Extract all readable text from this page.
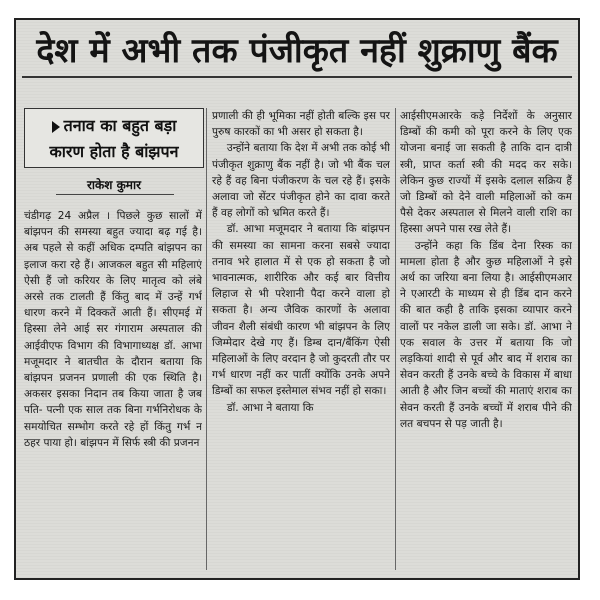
देश में अभी तक पंजीकृत नहीं शुक्राणु बैंक
तनाव का बहुत बड़ा
कारण होता है बांझपन
राकेश कुमार

चंडीगढ़ 24 अप्रैल । पिछले कुछ सालों में बांझपन की समस्या बहुत ज्यादा बढ़ गई है। अब पहले से कहीं अधिक दम्पति बांझपन का इलाज करा रहे हैं। आजकल बहुत सी महिलाएं ऐसी हैं जो करियर के लिए मातृत्व को लंबे अरसे तक टालती हैं किंतु बाद में उन्हें गर्भ धारण करने में दिक्कतें आती हैं। सीएमई में हिस्सा लेने आई सर गंगाराम अस्पताल की आईवीएफ विभाग की विभागाध्यक्ष डॉ. आभा मजूमदार ने बातचीत के दौरान बताया कि बांझपन प्रजनन प्रणाली की एक स्थिति है। अकसर इसका निदान तब किया जाता है जब पति- पत्नी एक साल तक बिना गर्भनिरोधक के समयोचित सम्भोग करते रहे हों किंतु गर्भ न ठहर पाया हो। बांझपन में सिर्फ स्त्री की प्रजनन

प्रणाली की ही भूमिका नहीं होती बल्कि इस पर पुरुष कारकों का भी असर हो सकता है।

उन्होंने बताया कि देश में अभी तक कोई भी पंजीकृत शुक्राणु बैंक नहीं है। जो भी बैंक चल रहे हैं वह बिना पंजीकरण के चल रहे हैं। इसके अलावा जो सेंटर पंजीकृत होने का दावा करते हैं वह लोगों को भ्रमित करते हैं।

डॉ. आभा मजूमदार ने बताया कि बांझपन की समस्या का सामना करना सबसे ज्यादा तनाव भरे हालात में से एक हो सकता है जो भावनात्मक, शारीरिक और कई बार वित्तीय लिहाज से भी परेशानी पैदा करने वाला हो सकता है। अन्य जैविक कारणों के अलावा जीवन शैली संबंधी कारण भी बांझपन के लिए जिम्मेदार देखे गए हैं। डिम्ब दान/बैंकिंग ऐसी महिलाओं के लिए वरदान है जो कुदरती तौर पर गर्भ धारण नहीं कर पातीं क्योंकि उनके अपने डिम्बों का सफल इस्तेमाल संभव नहीं हो सका।

डॉ. आभा ने बताया कि

आईसीएमआरके कड़े निर्देशों के अनुसार डिम्बों की कमी को पूरा करने के लिए एक योजना बनाई जा सकती है ताकि दान दात्री स्त्री, प्राप्त कर्ता स्त्री की मदद कर सके। लेकिन कुछ राज्यों में इसके दलाल सक्रिय हैं जो डिम्बों को देने वाली महिलाओं को कम पैसे देकर अस्पताल से मिलने वाली राशि का हिस्सा अपने पास रख लेते हैं।

उन्होंने कहा कि डिंब देना रिस्क का मामला होता है और कुछ महिलाओं ने इसे अर्थ का जरिया बना लिया है। आईसीएमआर ने एआरटी के माध्यम से ही डिंब दान करने की बात कही है ताकि इसका व्यापार करने वालों पर नकेल डाली जा सके। डॉ. आभा ने एक सवाल के उत्तर में बताया कि जो लड़कियां शादी से पूर्व और बाद में शराब का सेवन करती हैं उनके बच्चे के विकास में बाधा आती है और जिन बच्चों की माताएं शराब का सेवन करती हैं उनके बच्चों में शराब पीने की लत बचपन से पड़ जाती है।
